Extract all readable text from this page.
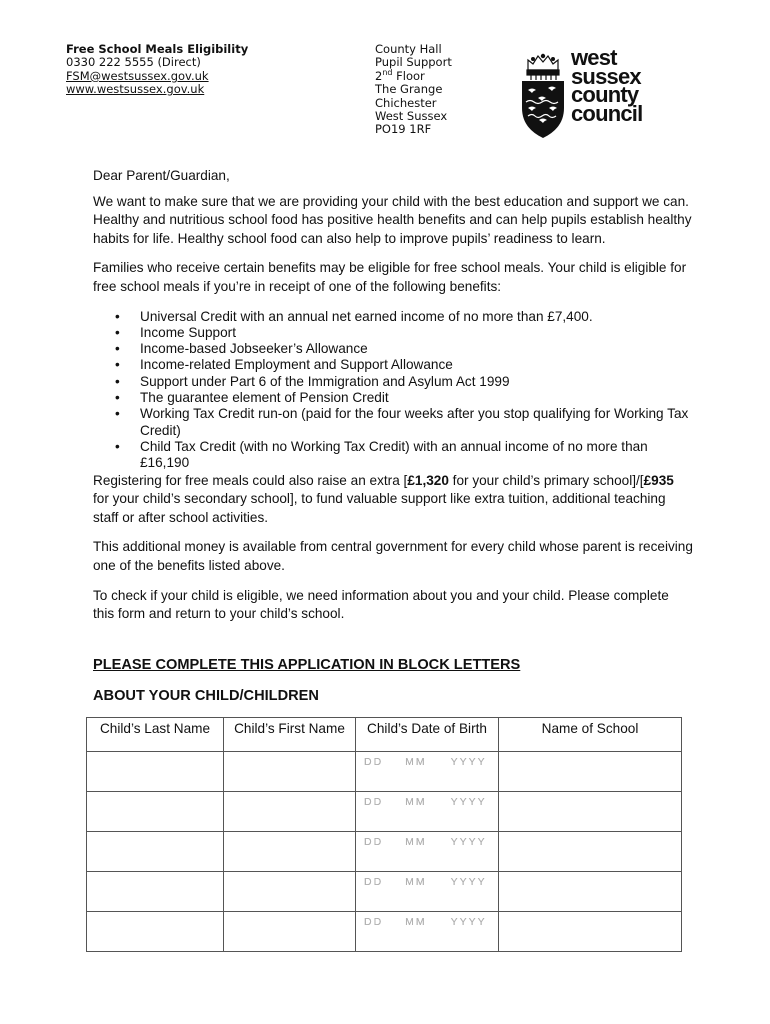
Free School Meals Eligibility
0330 222 5555 (Direct)
FSM@westsussex.gov.uk
www.westsussex.gov.uk
County Hall
Pupil Support
2nd Floor
The Grange
Chichester
West Sussex
PO19 1RF
west
sussex
county
council

Dear Parent/Guardian,

We want to make sure that we are providing your child with the best education and support we can. Healthy and nutritious school food has positive health benefits and can help pupils establish healthy habits for life. Healthy school food can also help to improve pupils’ readiness to learn.

Families who receive certain benefits may be eligible for free school meals. Your child is eligible for free school meals if you’re in receipt of one of the following benefits:

• Universal Credit with an annual net earned income of no more than £7,400.
• Income Support
• Income-based Jobseeker’s Allowance
• Income-related Employment and Support Allowance
• Support under Part 6 of the Immigration and Asylum Act 1999
• The guarantee element of Pension Credit
• Working Tax Credit run-on (paid for the four weeks after you stop qualifying for Working Tax Credit)
• Child Tax Credit (with no Working Tax Credit) with an annual income of no more than £16,190

Registering for free meals could also raise an extra [£1,320 for your child’s primary school]/[£935 for your child’s secondary school], to fund valuable support like extra tuition, additional teaching staff or after school activities.

This additional money is available from central government for every child whose parent is receiving one of the benefits listed above.

To check if your child is eligible, we need information about you and your child. Please complete this form and return to your child’s school.

PLEASE COMPLETE THIS APPLICATION IN BLOCK LETTERS
ABOUT YOUR CHILD/CHILDREN
Child’s Last Name	Child’s First Name	Child’s Date of Birth	Name of School
		DD MM YYYY	
		DD MM YYYY	
		DD MM YYYY	
		DD MM YYYY	
		DD MM YYYY	
